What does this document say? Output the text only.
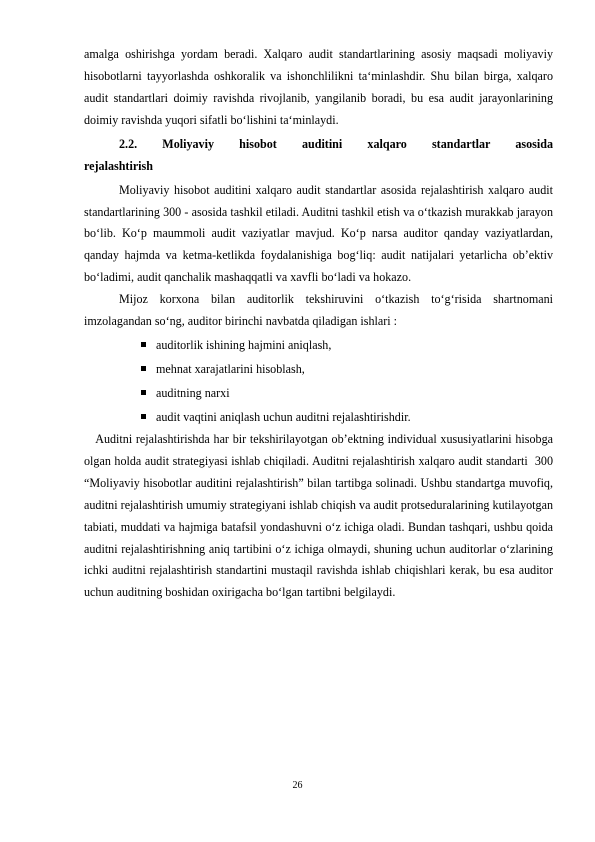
amalga oshirishga yordam beradi. Xalqaro audit standartlarining asosiy maqsadi moliyaviy hisobotlarni tayyorlashda oshkoralik va ishonchlilikni ta‘minlashdir. Shu bilan birga, xalqaro audit standartlari doimiy ravishda rivojlanib, yangilanib boradi, bu esa audit jarayonlarining doimiy ravishda yuqori sifatli bo‘lishini ta‘minlaydi.

2.2. Moliyaviy hisobot auditini xalqaro standartlar asosida
rejalashtirish

Moliyaviy hisobot auditini xalqaro audit standartlar asosida rejalashtirish xalqaro audit standartlarining 300 - asosida tashkil etiladi. Auditni tashkil etish va o‘tkazish murakkab jarayon bo‘lib. Ko‘p maummoli audit vaziyatlar mavjud. Ko‘p narsa auditor qanday vaziyatlardan, qanday hajmda va ketma-ketlikda foydalanishiga bog‘liq: audit natijalari yetarlicha ob’ektiv bo‘ladimi, audit qanchalik mashaqqatli va xavfli bo‘ladi va hokazo.

Mijoz korxona bilan auditorlik tekshiruvini o‘tkazish to‘g‘risida shartnomani imzolagandan so‘ng, auditor birinchi navbatda qiladigan ishlari :

auditorlik ishining hajmini aniqlash,
mehnat xarajatlarini hisoblash,
auditning narxi
audit vaqtini aniqlash uchun auditni rejalashtirishdir.

Auditni rejalashtirishda har bir tekshirilayotgan ob’ektning individual xususiyatlarini hisobga olgan holda audit strategiyasi ishlab chiqiladi. Auditni rejalashtirish xalqaro audit standarti  300 “Moliyaviy hisobotlar auditini rejalashtirish” bilan tartibga solinadi. Ushbu standartga muvofiq, auditni rejalashtirish umumiy strategiyani ishlab chiqish va audit protseduralarining kutilayotgan tabiati, muddati va hajmiga batafsil yondashuvni o‘z ichiga oladi. Bundan tashqari, ushbu qoida auditni rejalashtirishning aniq tartibini o‘z ichiga olmaydi, shuning uchun auditorlar o‘zlarining ichki auditni rejalashtirish standartini mustaqil ravishda ishlab chiqishlari kerak, bu esa auditor uchun auditning boshidan oxirigacha bo‘lgan tartibni belgilaydi.

26
